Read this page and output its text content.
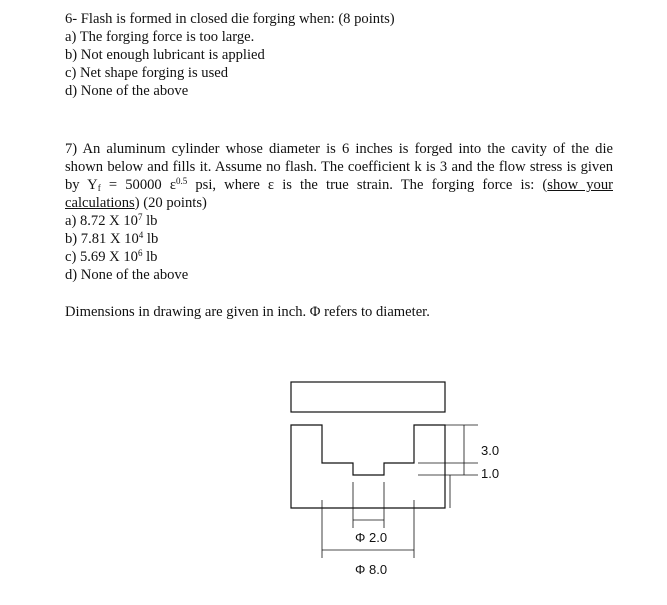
6- Flash is formed in closed die forging when: (8 points)
a) The forging force is too large.
b) Not enough lubricant is applied
c) Net shape forging is used
d) None of the above
7) An aluminum cylinder whose diameter is 6 inches is forged into the cavity of the die shown below and fills it. Assume no flash. The coefficient k is 3 and the flow stress is given by $Y_f = 50000$ $\varepsilon^{0.5}$ psi, where ε is the true strain. The forging force is: (show your calculations) (20 points)
a) 8.72 X $10^7$ lb
b) 7.81 X $10^4$ lb
c) 5.69 X $10^6$ lb
d) None of the above
Dimensions in drawing are given in inch. Φ refers to diameter.
3.0
1.0
Φ 2.0
Φ 8.0
